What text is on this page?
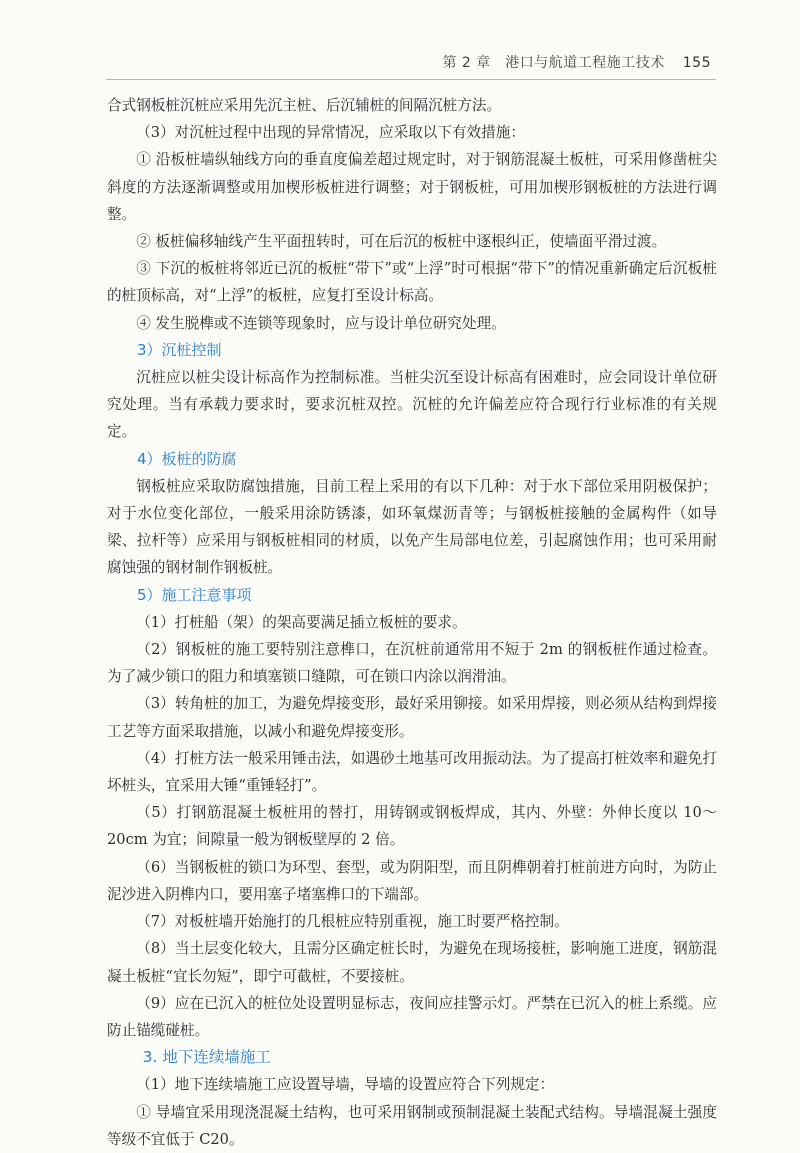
第 2 章　港口与航道工程施工技术 155

合式钢板桩沉桩应采用先沉主桩、后沉辅桩的间隔沉桩方法。

（3）对沉桩过程中出现的异常情况，应采取以下有效措施：

① 沿板桩墙纵轴线方向的垂直度偏差超过规定时，对于钢筋混凝土板桩，可采用修凿桩尖斜度的方法逐渐调整或用加楔形板桩进行调整；对于钢板桩，可用加楔形钢板桩的方法进行调整。

② 板桩偏移轴线产生平面扭转时，可在后沉的板桩中逐根纠正，使墙面平滑过渡。

③ 下沉的板桩将邻近已沉的板桩“带下”或“上浮”时可根据“带下”的情况重新确定后沉板桩的桩顶标高，对“上浮”的板桩，应复打至设计标高。

④ 发生脱榫或不连锁等现象时，应与设计单位研究处理。

3）沉桩控制

沉桩应以桩尖设计标高作为控制标准。当桩尖沉至设计标高有困难时，应会同设计单位研究处理。当有承载力要求时，要求沉桩双控。沉桩的允许偏差应符合现行行业标准的有关规定。

4）板桩的防腐

钢板桩应采取防腐蚀措施，目前工程上采用的有以下几种：对于水下部位采用阴极保护；对于水位变化部位，一般采用涂防锈漆，如环氧煤沥青等；与钢板桩接触的金属构件（如导梁、拉杆等）应采用与钢板桩相同的材质，以免产生局部电位差，引起腐蚀作用；也可采用耐腐蚀强的钢材制作钢板桩。

5）施工注意事项

（1）打桩船（架）的架高要满足插立板桩的要求。

（2）钢板桩的施工要特别注意榫口，在沉桩前通常用不短于 2m 的钢板桩作通过检查。为了减少锁口的阻力和填塞锁口缝隙，可在锁口内涂以润滑油。

（3）转角桩的加工，为避免焊接变形，最好采用铆接。如采用焊接，则必须从结构到焊接工艺等方面采取措施，以减小和避免焊接变形。

（4）打桩方法一般采用锤击法，如遇砂土地基可改用振动法。为了提高打桩效率和避免打坏桩头，宜采用大锤“重锤轻打”。

（5）打钢筋混凝土板桩用的替打，用铸钢或钢板焊成，其内、外壁：外伸长度以 10～20cm 为宜；间隙量一般为钢板壁厚的 2 倍。

（6）当钢板桩的锁口为环型、套型，或为阴阳型，而且阴榫朝着打桩前进方向时，为防止泥沙进入阴榫内口，要用塞子堵塞榫口的下端部。

（7）对板桩墙开始施打的几根桩应特别重视，施工时要严格控制。

（8）当土层变化较大，且需分区确定桩长时，为避免在现场接桩，影响施工进度，钢筋混凝土板桩“宜长勿短”，即宁可截桩，不要接桩。

（9）应在已沉入的桩位处设置明显标志，夜间应挂警示灯。严禁在已沉入的桩上系缆。应防止锚缆碰桩。

3. 地下连续墙施工

（1）地下连续墙施工应设置导墙，导墙的设置应符合下列规定：

① 导墙宜采用现浇混凝土结构，也可采用钢制或预制混凝土装配式结构。导墙混凝土强度等级不宜低于 C20。
